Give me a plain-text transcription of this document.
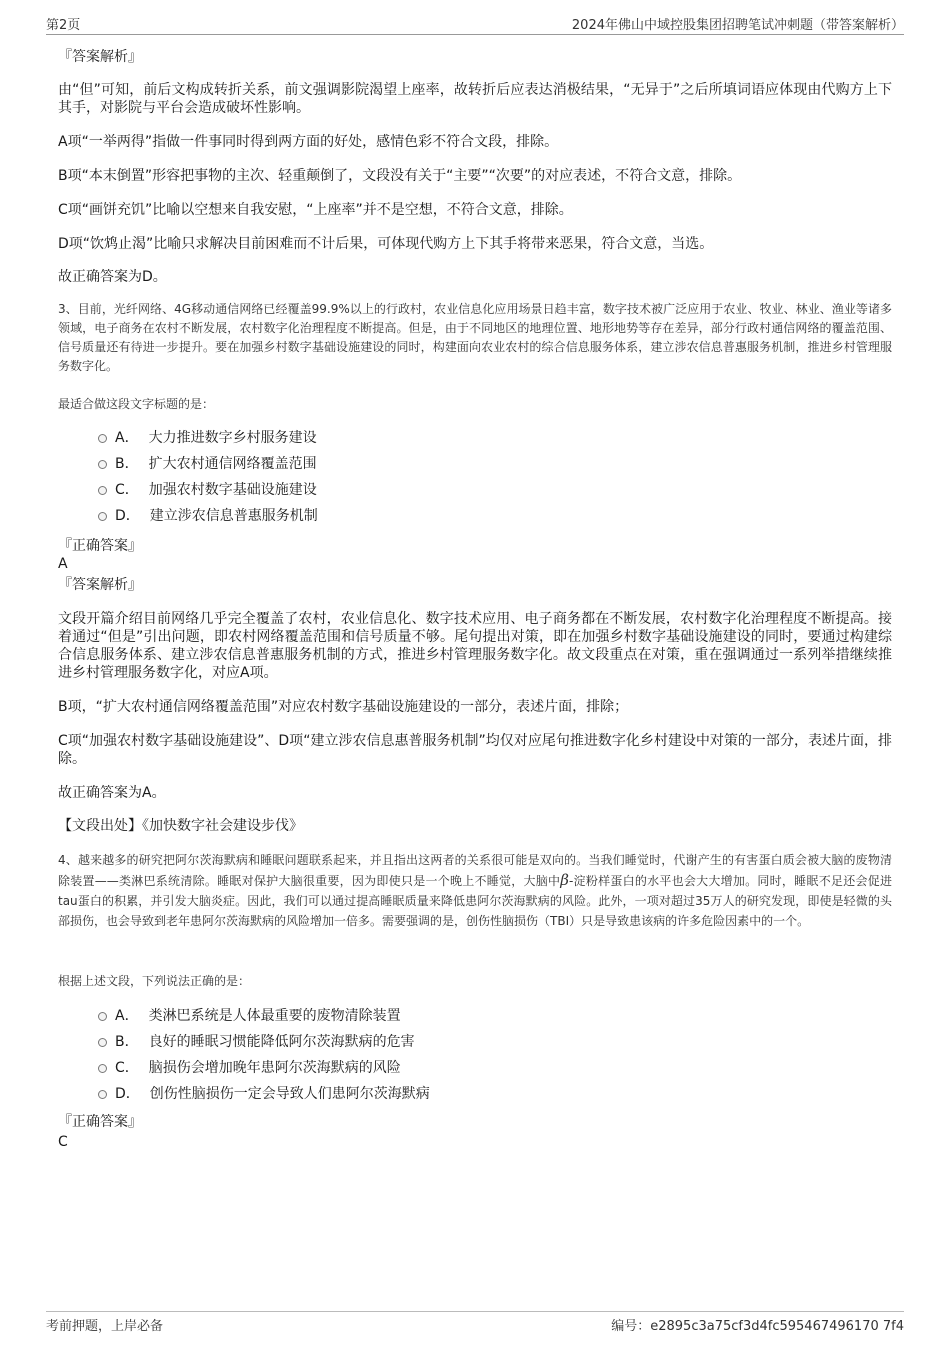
第2页	2024年佛山中域控股集团招聘笔试冲刺题（带答案解析）
『答案解析』
由“但”可知，前后文构成转折关系，前文强调影院渴望上座率，故转折后应表达消极结果，“无异于”之后所填词语应体现由代购方上下其手，对影院与平台会造成破坏性影响。
A项“一举两得”指做一件事同时得到两方面的好处，感情色彩不符合文段，排除。
B项“本末倒置”形容把事物的主次、轻重颠倒了，文段没有关于“主要”“次要”的对应表述，不符合文意，排除。
C项“画饼充饥”比喻以空想来自我安慰，“上座率”并不是空想，不符合文意，排除。
D项“饮鸩止渴”比喻只求解决目前困难而不计后果，可体现代购方上下其手将带来恶果，符合文意，当选。
故正确答案为D。
3、目前，光纤网络、4G移动通信网络已经覆盖99.9%以上的行政村，农业信息化应用场景日趋丰富，数字技术被广泛应用于农业、牧业、林业、渔业等诸多领域，电子商务在农村不断发展，农村数字化治理程度不断提高。但是，由于不同地区的地理位置、地形地势等存在差异，部分行政村通信网络的覆盖范围、信号质量还有待进一步提升。要在加强乡村数字基础设施建设的同时，构建面向农业农村的综合信息服务体系，建立涉农信息普惠服务机制，推进乡村管理服务数字化。
最适合做这段文字标题的是：
A． 大力推进数字乡村服务建设
B． 扩大农村通信网络覆盖范围
C． 加强农村数字基础设施建设
D． 建立涉农信息普惠服务机制
『正确答案』
A
『答案解析』
文段开篇介绍目前网络几乎完全覆盖了农村，农业信息化、数字技术应用、电子商务都在不断发展，农村数字化治理程度不断提高。接着通过“但是”引出问题，即农村网络覆盖范围和信号质量不够。尾句提出对策，即在加强乡村数字基础设施建设的同时，要通过构建综合信息服务体系、建立涉农信息普惠服务机制的方式，推进乡村管理服务数字化。故文段重点在对策，重在强调通过一系列举措继续推进乡村管理服务数字化，对应A项。
B项，“扩大农村通信网络覆盖范围”对应农村数字基础设施建设的一部分，表述片面，排除；
C项“加强农村数字基础设施建设”、D项“建立涉农信息惠普服务机制”均仅对应尾句推进数字化乡村建设中对策的一部分，表述片面，排除。
故正确答案为A。
【文段出处】《加快数字社会建设步伐》
4、越来越多的研究把阿尔茨海默病和睡眠问题联系起来，并且指出这两者的关系很可能是双向的。当我们睡觉时，代谢产生的有害蛋白质会被大脑的废物清除装置——类淋巴系统清除。睡眠对保护大脑很重要，因为即使只是一个晚上不睡觉，大脑中β-淀粉样蛋白的水平也会大大增加。同时，睡眠不足还会促进tau蛋白的积累，并引发大脑炎症。因此，我们可以通过提高睡眠质量来降低患阿尔茨海默病的风险。此外，一项对超过35万人的研究发现，即使是轻微的头部损伤，也会导致到老年患阿尔茨海默病的风险增加一倍多。需要强调的是，创伤性脑损伤（TBI）只是导致患该病的许多危险因素中的一个。
根据上述文段，下列说法正确的是：
A． 类淋巴系统是人体最重要的废物清除装置
B． 良好的睡眠习惯能降低阿尔茨海默病的危害
C． 脑损伤会增加晚年患阿尔茨海默病的风险
D． 创伤性脑损伤一定会导致人们患阿尔茨海默病
『正确答案』
C
考前押题，上岸必备	编号：e2895c3a75cf3d4fc595467496170 7f4
